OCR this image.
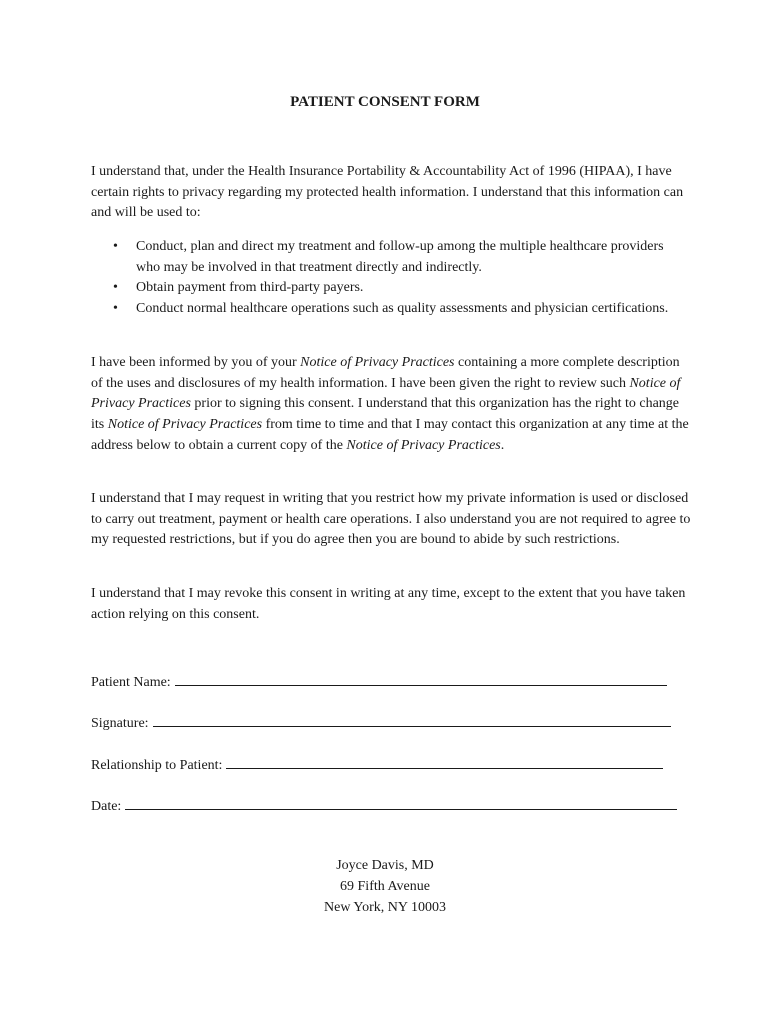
PATIENT CONSENT FORM
I understand that, under the Health Insurance Portability & Accountability Act of 1996 (HIPAA), I have certain rights to privacy regarding my protected health information. I understand that this information can and will be used to:
• Conduct, plan and direct my treatment and follow-up among the multiple healthcare providers who may be involved in that treatment directly and indirectly.
• Obtain payment from third-party payers.
• Conduct normal healthcare operations such as quality assessments and physician certifications.
I have been informed by you of your Notice of Privacy Practices containing a more complete description of the uses and disclosures of my health information. I have been given the right to review such Notice of Privacy Practices prior to signing this consent. I understand that this organization has the right to change its Notice of Privacy Practices from time to time and that I may contact this organization at any time at the address below to obtain a current copy of the Notice of Privacy Practices.
I understand that I may request in writing that you restrict how my private information is used or disclosed to carry out treatment, payment or health care operations. I also understand you are not required to agree to my requested restrictions, but if you do agree then you are bound to abide by such restrictions.
I understand that I may revoke this consent in writing at any time, except to the extent that you have taken action relying on this consent.
Patient Name:
Signature:
Relationship to Patient:
Date:
Joyce Davis, MD
69 Fifth Avenue
New York, NY 10003
